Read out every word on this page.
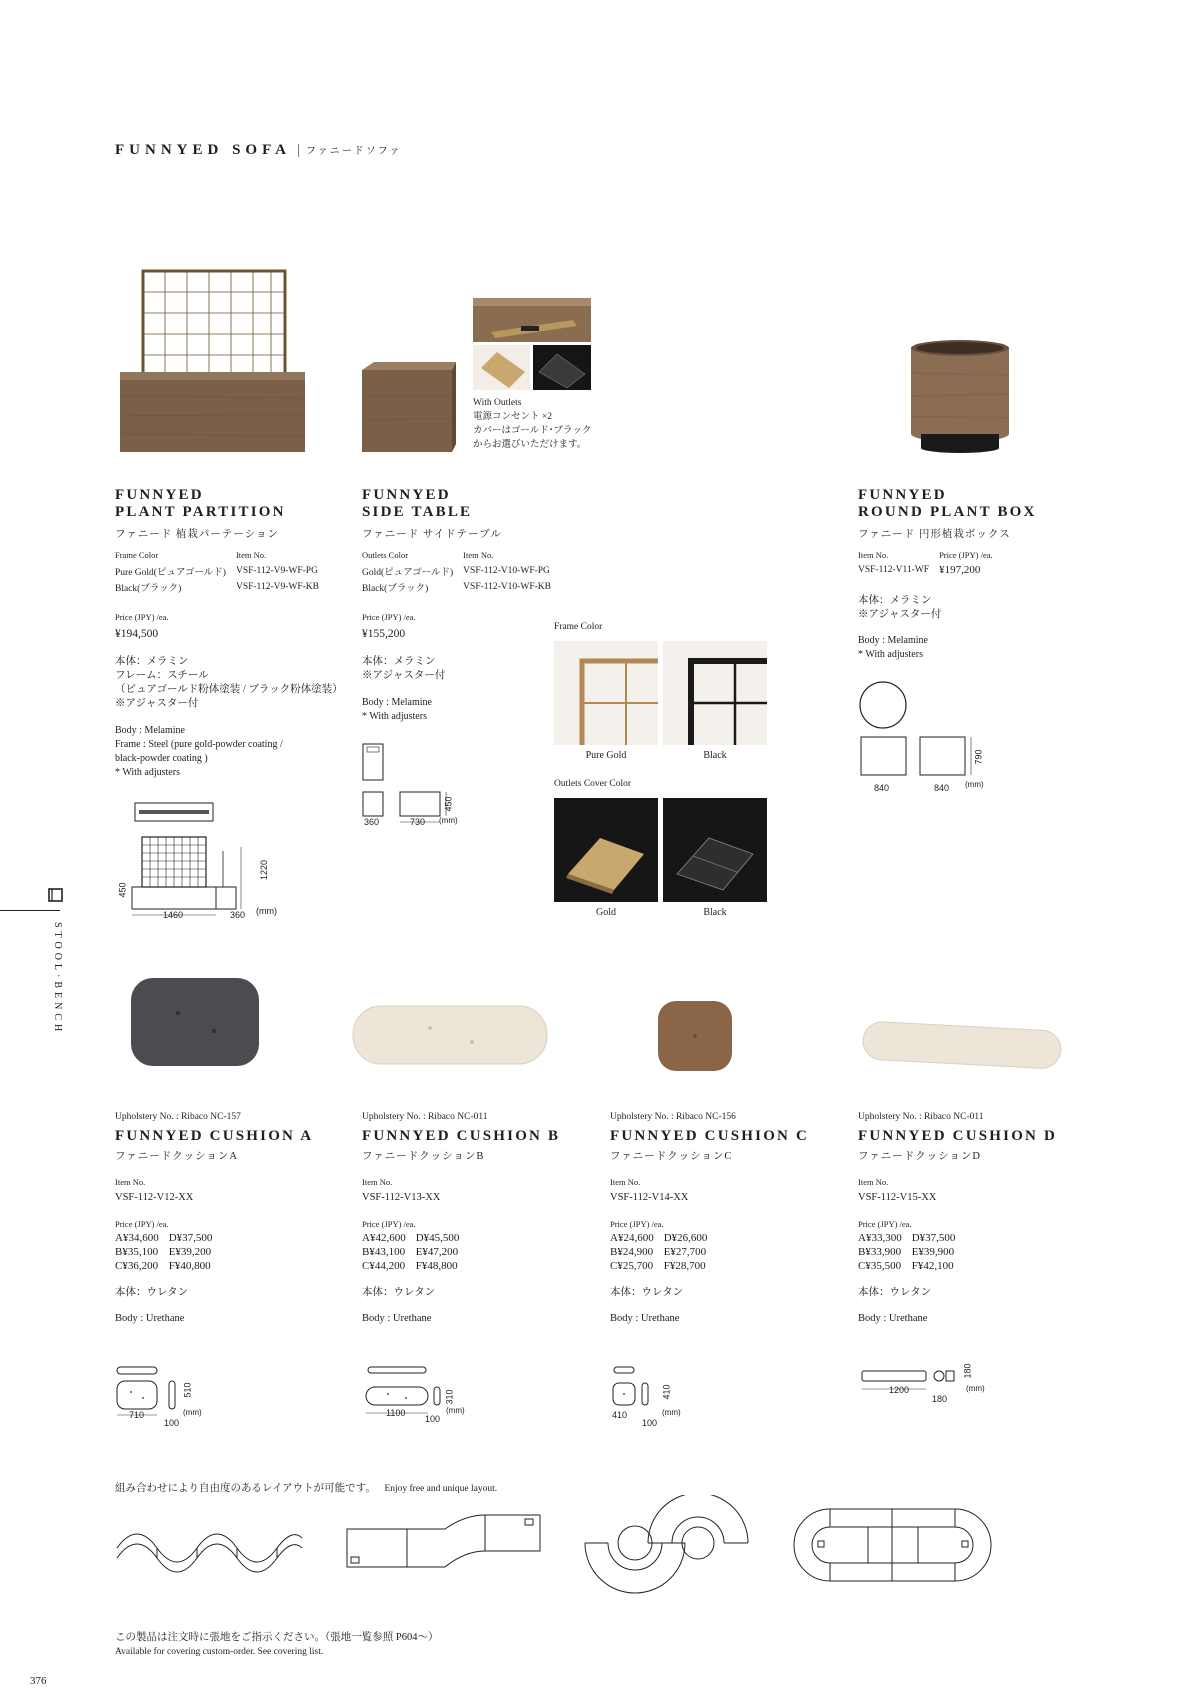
FUNNYED SOFA | ファニードソファ
FUNNYED
PLANT PARTITION
ファニード 植栽パーテーション
Frame Color	Item No.
Pure Gold(ピュアゴールド)	VSF-112-V9-WF-PG
Black(ブラック)	VSF-112-V9-WF-KB
Price (JPY) /ea.
¥194,500
本体：メラミン
フレーム：スチール
（ピュアゴールド粉体塗装 / ブラック粉体塗装）
※アジャスター付
Body : Melamine
Frame : Steel (pure gold-powder coating /
black-powder coating )
* With adjusters
1460	360 (mm)
450
1220
With Outlets
電源コンセント ×2
カバーはゴールド･ブラック
からお選びいただけます。
FUNNYED
SIDE TABLE
ファニード サイドテーブル
Outlets Color	Item No.
Gold(ピュアゴールド)	VSF-112-V10-WF-PG
Black(ブラック)	VSF-112-V10-WF-KB
Price (JPY) /ea.
¥155,200
本体：メラミン
※アジャスター付
Body : Melamine
* With adjusters
360	730 (mm)
450
Frame Color
Pure Gold	Black
Outlets Cover Color
Gold	Black
FUNNYED
ROUND PLANT BOX
ファニード 円形植栽ボックス
Item No.	Price (JPY) /ea.
VSF-112-V11-WF	¥197,200
本体：メラミン
※アジャスター付
Body : Melamine
* With adjusters
840	840 (mm)
790
STOOL·BENCH
Upholstery No. : Ribaco NC-157
FUNNYED CUSHION A
ファニードクッションA
Item No.
VSF-112-V12-XX
Price (JPY) /ea.
A¥34,600	D¥37,500
B¥35,100	E¥39,200
C¥36,200	F¥40,800
本体：ウレタン
Body : Urethane
Upholstery No. : Ribaco NC-011
FUNNYED CUSHION B
ファニードクッションB
Item No.
VSF-112-V13-XX
Price (JPY) /ea.
A¥42,600	D¥45,500
B¥43,100	E¥47,200
C¥44,200	F¥48,800
本体：ウレタン
Body : Urethane
Upholstery No. : Ribaco NC-156
FUNNYED CUSHION C
ファニードクッションC
Item No.
VSF-112-V14-XX
Price (JPY) /ea.
A¥24,600	D¥26,600
B¥24,900	E¥27,700
C¥25,700	F¥28,700
本体：ウレタン
Body : Urethane
Upholstery No. : Ribaco NC-011
FUNNYED CUSHION D
ファニードクッションD
Item No.
VSF-112-V15-XX
Price (JPY) /ea.
A¥33,300	D¥37,500
B¥33,900	E¥39,900
C¥35,500	F¥42,100
本体：ウレタン
Body : Urethane
710
100
(mm)
510
1100
100
(mm)
310
410
100
(mm)
410	1200
180
(mm)
180
組み合わせにより自由度のあるレイアウトが可能です。 Enjoy free and unique layout.
この製品は注文時に張地をご指示ください。（張地一覧参照 P604〜）
Available for covering custom-order. See covering list.
376
